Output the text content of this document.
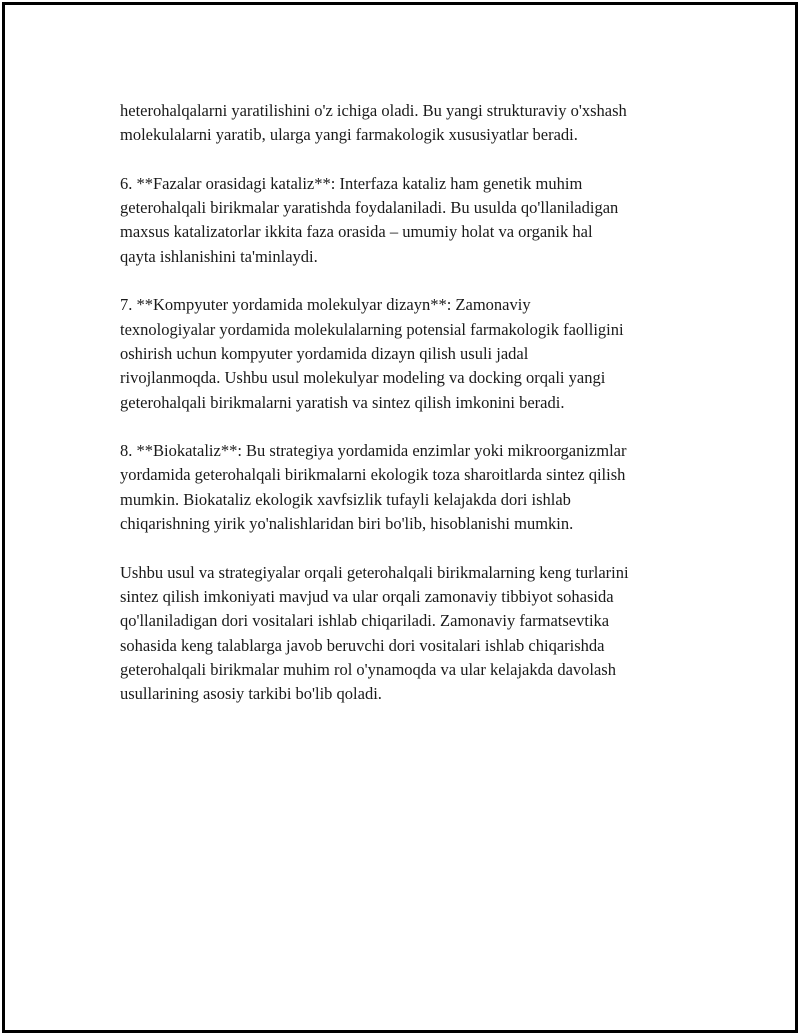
heterohalqalarni yaratilishini o'z ichiga oladi. Bu yangi strukturaviy o'xshash
molekulalarni yaratib, ularga yangi farmakologik xususiyatlar beradi.

6. **Fazalar orasidagi kataliz**: Interfaza kataliz ham genetik muhim
geterohalqali birikmalar yaratishda foydalaniladi. Bu usulda qo'llaniladigan
maxsus katalizatorlar ikkita faza orasida – umumiy holat va organik hal
qayta ishlanishini ta'minlaydi.

7. **Kompyuter yordamida molekulyar dizayn**: Zamonaviy
texnologiyalar yordamida molekulalarning potensial farmakologik faolligini
oshirish uchun kompyuter yordamida dizayn qilish usuli jadal
rivojlanmoqda. Ushbu usul molekulyar modeling va docking orqali yangi
geterohalqali birikmalarni yaratish va sintez qilish imkonini beradi.

8. **Biokataliz**: Bu strategiya yordamida enzimlar yoki mikroorganizmlar
yordamida geterohalqali birikmalarni ekologik toza sharoitlarda sintez qilish
mumkin. Biokataliz ekologik xavfsizlik tufayli kelajakda dori ishlab
chiqarishning yirik yo'nalishlaridan biri bo'lib, hisoblanishi mumkin.

Ushbu usul va strategiyalar orqali geterohalqali birikmalarning keng turlarini
sintez qilish imkoniyati mavjud va ular orqali zamonaviy tibbiyot sohasida
qo'llaniladigan dori vositalari ishlab chiqariladi. Zamonaviy farmatsevtika
sohasida keng talablarga javob beruvchi dori vositalari ishlab chiqarishda
geterohalqali birikmalar muhim rol o'ynamoqda va ular kelajakda davolash
usullarining asosiy tarkibi bo'lib qoladi.
